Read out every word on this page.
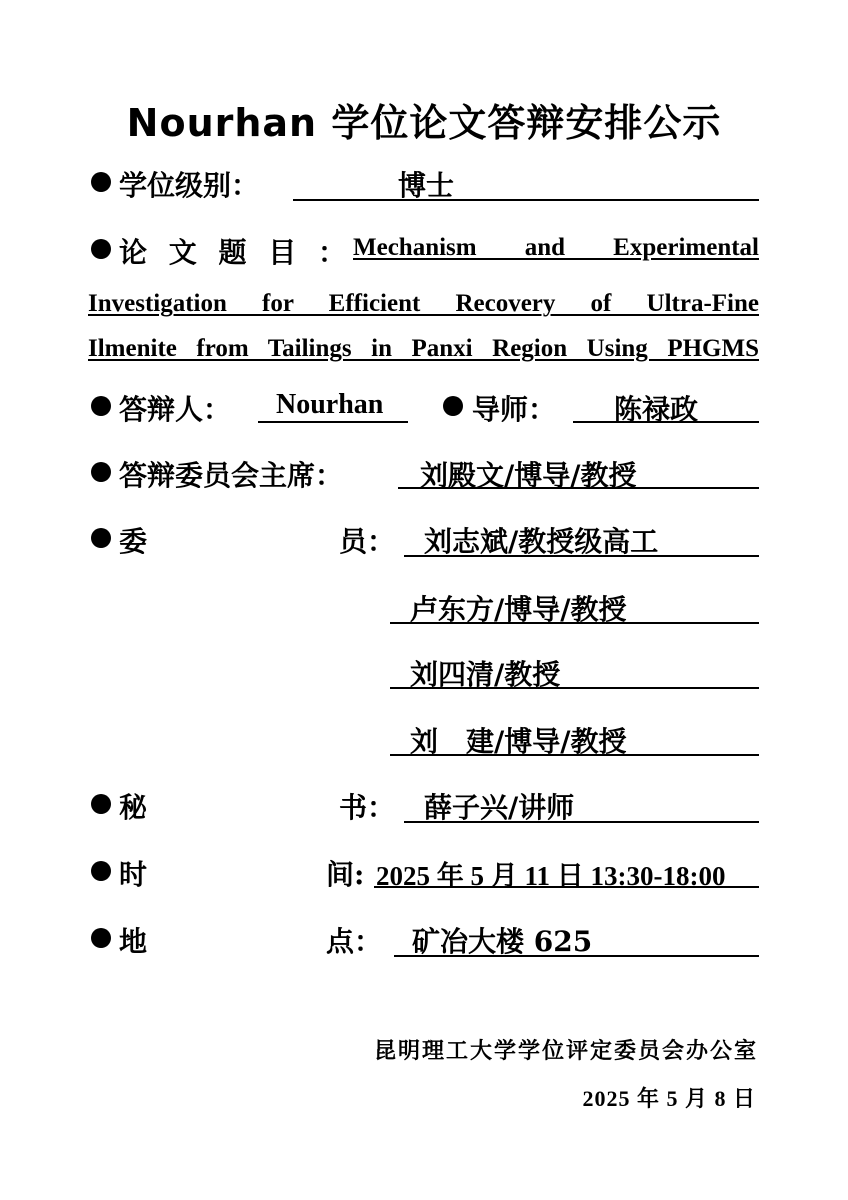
Nourhan 学位论文答辩安排公示
学位级别：	博士
论 文 题 目 ： Mechanism and Experimental
Investigation for Efficient Recovery of Ultra-Fine
Ilmenite from Tailings in Panxi Region Using PHGMS
答辩人： Nourhan	导师： 陈禄政
答辩委员会主席：	刘殿文/博导/教授
委	员： 刘志斌/教授级高工
卢东方/博导/教授
刘四清/教授
刘　建/博导/教授
秘	书： 薛子兴/讲师
时	间: 2025 年 5 月 11 日 13:30-18:00
地	点： 矿冶大楼 625
昆明理工大学学位评定委员会办公室
2025 年 5 月 8 日
